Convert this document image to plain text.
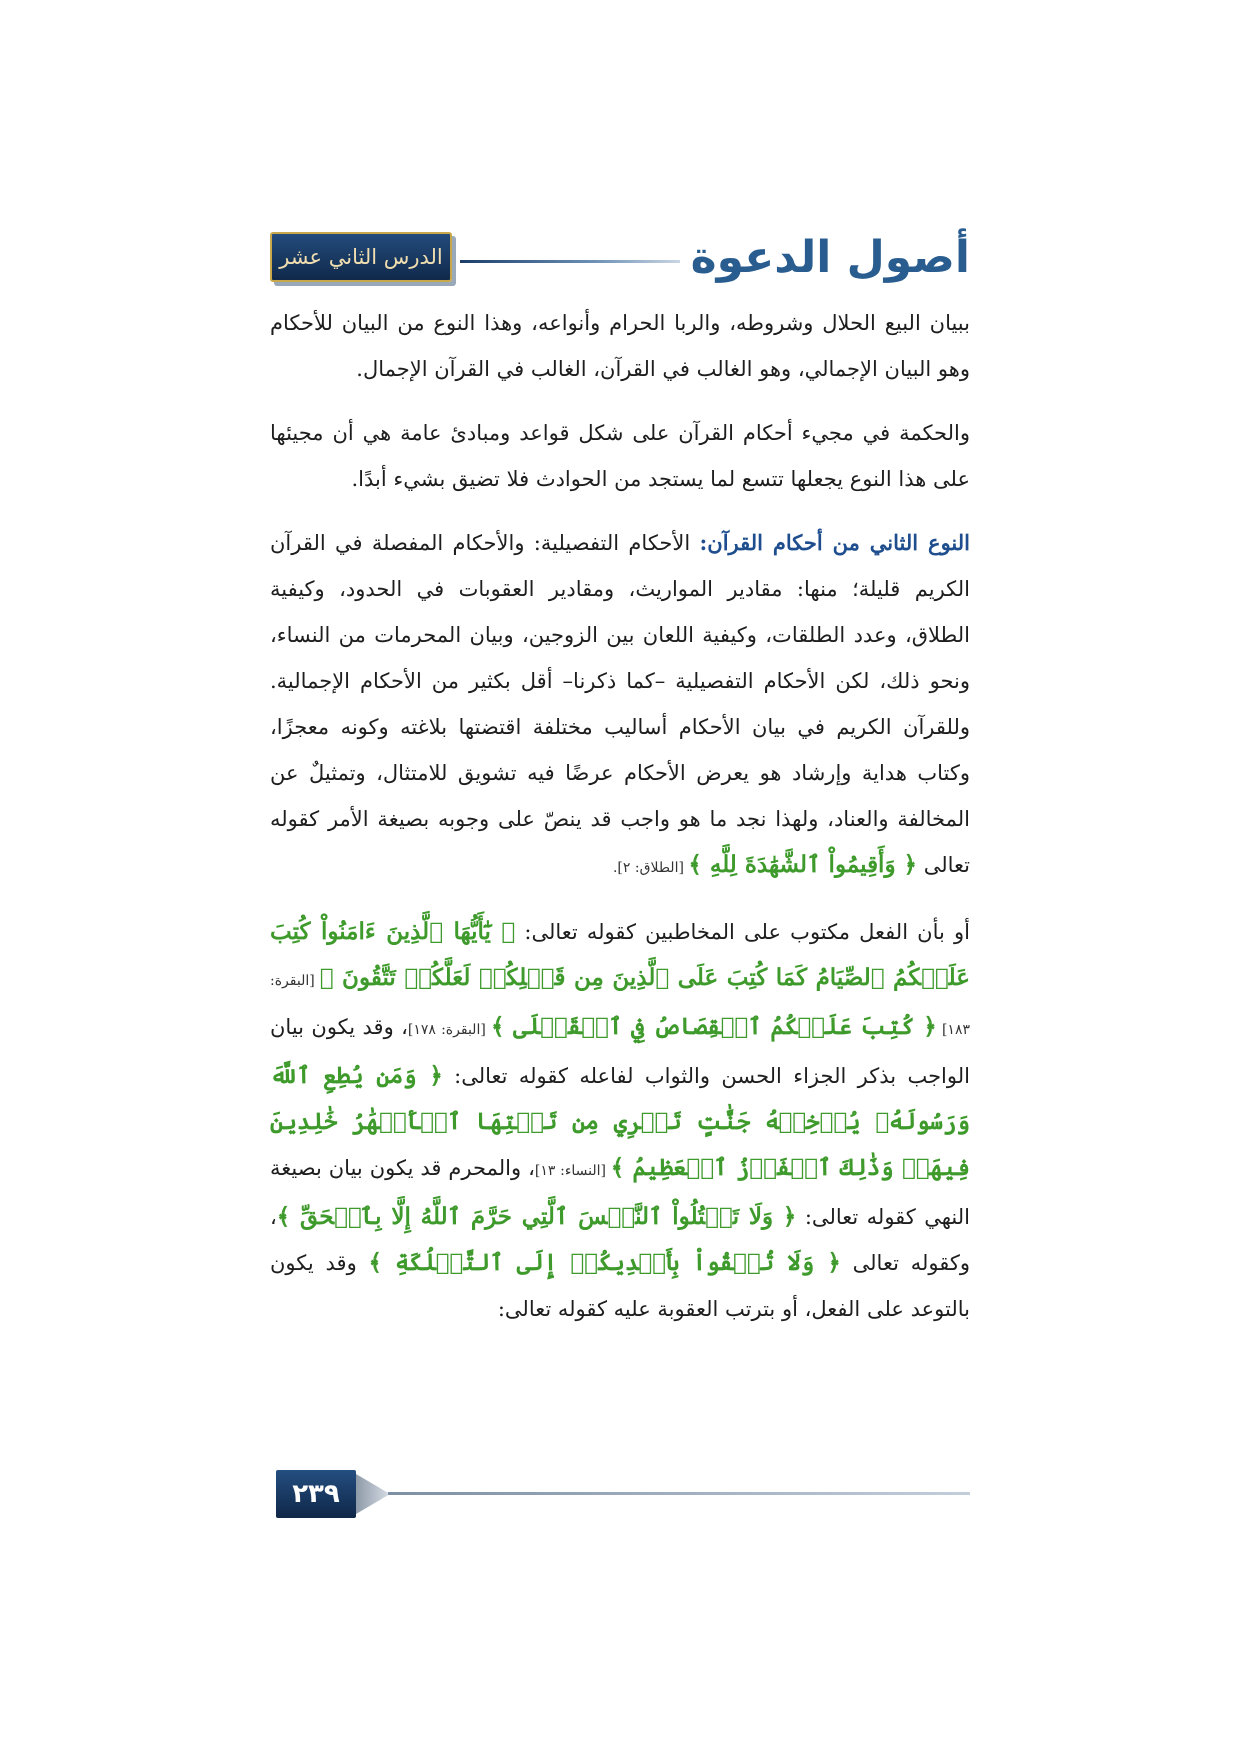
أصول الدعوة
الدرس الثاني عشر

ببيان البيع الحلال وشروطه، والربا الحرام وأنواعه، وهذا النوع من البيان للأحكام وهو البيان الإجمالي، وهو الغالب في القرآن، الغالب في القرآن الإجمال.

والحكمة في مجيء أحكام القرآن على شكل قواعد ومبادئ عامة هي أن مجيئها على هذا النوع يجعلها تتسع لما يستجد من الحوادث فلا تضيق بشيء أبدًا.

النوع الثاني من أحكام القرآن: الأحكام التفصيلية: والأحكام المفصلة في القرآن الكريم قليلة؛ منها: مقادير المواريث، ومقادير العقوبات في الحدود، وكيفية الطلاق، وعدد الطلقات، وكيفية اللعان بين الزوجين، وبيان المحرمات من النساء، ونحو ذلك، لكن الأحكام التفصيلية –كما ذكرنا– أقل بكثير من الأحكام الإجمالية. وللقرآن الكريم في بيان الأحكام أساليب مختلفة اقتضتها بلاغته وكونه معجزًا، وكتاب هداية وإرشاد هو يعرض الأحكام عرضًا فيه تشويق للامتثال، وتمثيلٌ عن المخالفة والعناد، ولهذا نجد ما هو واجب قد ينصّ على وجوبه بصيغة الأمر كقوله تعالى ﴿ وَأَقِيمُواْ ٱلشَّهَٰدَةَ لِلَّهِ ﴾ [الطلاق: ٢].

أو بأن الفعل مكتوب على المخاطبين كقوله تعالى: ﴿ يَٰٓأَيُّهَا ٱلَّذِينَ ءَامَنُواْ كُتِبَ عَلَيۡكُمُ ٱلصِّيَامُ كَمَا كُتِبَ عَلَى ٱلَّذِينَ مِن قَبۡلِكُمۡ لَعَلَّكُمۡ تَتَّقُونَ ﴾ [البقرة: ١٨٣] ﴿ كُتِبَ عَلَيۡكُمُ ٱلۡقِصَاصُ فِي ٱلۡقَتۡلَى ﴾ [البقرة: ١٧٨]، وقد يكون بيان الواجب بذكر الجزاء الحسن والثواب لفاعله كقوله تعالى: ﴿ وَمَن يُطِعِ ٱللَّهَ وَرَسُولَهُۥ يُدۡخِلۡهُ جَنَّٰتٍ تَجۡرِي مِن تَحۡتِهَا ٱلۡأَنۡهَٰرُ خَٰلِدِينَ فِيهَاۚ وَذَٰلِكَ ٱلۡفَوۡزُ ٱلۡعَظِيمُ ﴾ [النساء: ١٣]، والمحرم قد يكون بيان بصيغة النهي كقوله تعالى: ﴿ وَلَا تَقۡتُلُواْ ٱلنَّفۡسَ ٱلَّتِي حَرَّمَ ٱللَّهُ إِلَّا بِٱلۡحَقِّ ﴾، وكقوله تعالى ﴿ وَلَا تُلۡقُواْ بِأَيۡدِيكُمۡ إِلَى ٱلتَّهۡلُكَةِ ﴾ وقد يكون بالتوعد على الفعل، أو بترتب العقوبة عليه كقوله تعالى:

٢٣٩
